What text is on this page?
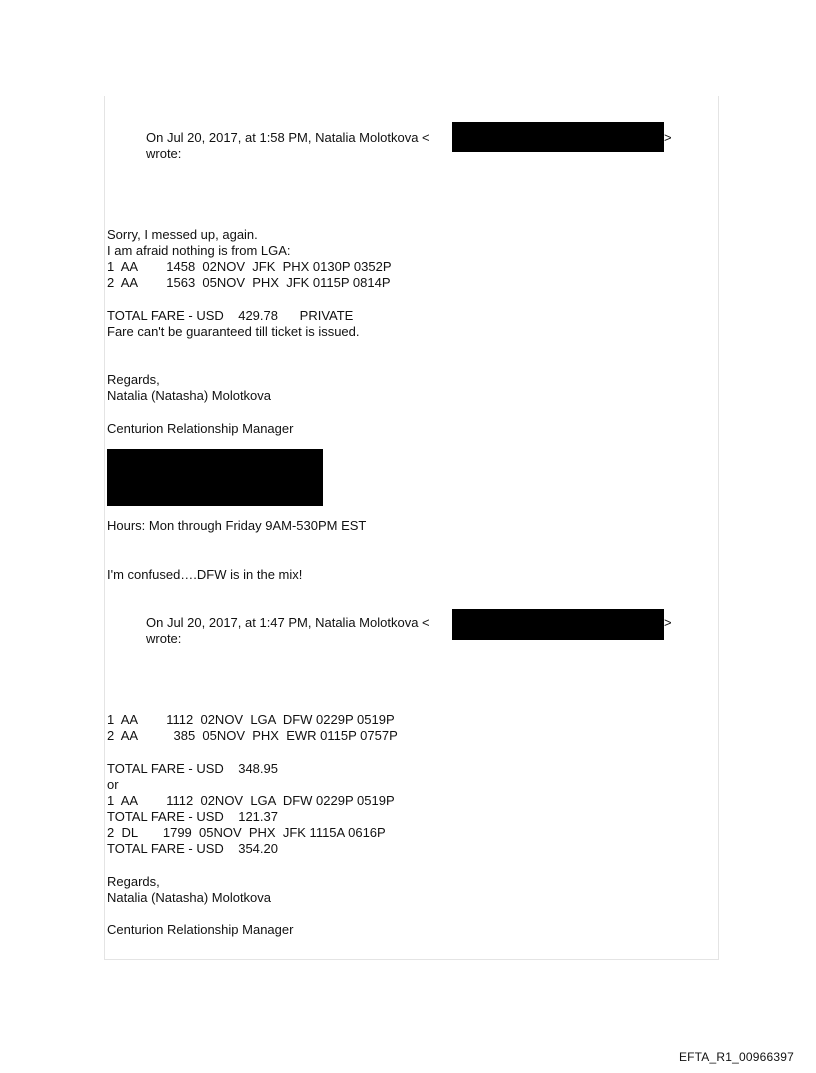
On Jul 20, 2017, at 1:58 PM, Natalia Molotkova <	>
wrote:
Sorry, I messed up, again.
I am afraid nothing is from LGA:
1  AA        1458  02NOV  JFK  PHX 0130P 0352P
2  AA        1563  05NOV  PHX  JFK 0115P 0814P
TOTAL FARE - USD    429.78      PRIVATE
Fare can't be guaranteed till ticket is issued.
Regards,
Natalia (Natasha) Molotkova
Centurion Relationship Manager
Hours: Mon through Friday 9AM-530PM EST
I'm confused….DFW is in the mix!
On Jul 20, 2017, at 1:47 PM, Natalia Molotkova <	>
wrote:
1  AA        1112  02NOV  LGA  DFW 0229P 0519P
2  AA          385  05NOV  PHX  EWR 0115P 0757P
TOTAL FARE - USD    348.95
or
1  AA        1112  02NOV  LGA  DFW 0229P 0519P
TOTAL FARE - USD    121.37
2  DL       1799  05NOV  PHX  JFK 1115A 0616P
TOTAL FARE - USD    354.20
Regards,
Natalia (Natasha) Molotkova
Centurion Relationship Manager
EFTA_R1_00966397
